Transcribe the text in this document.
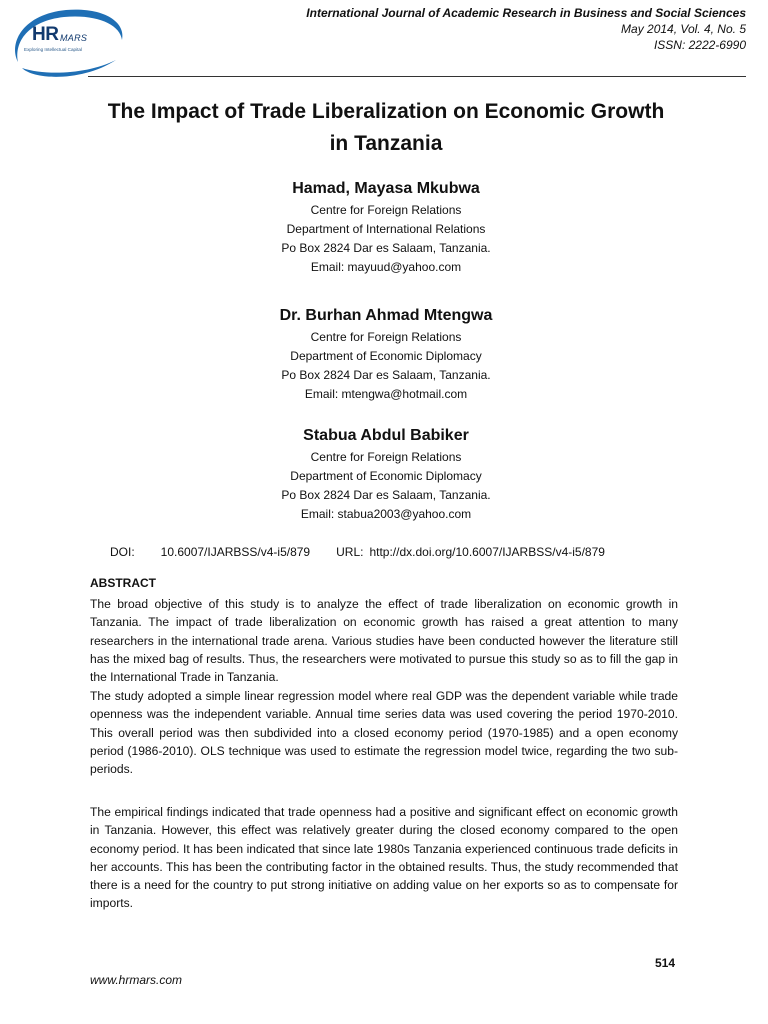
HR MARS
Exploring Intellectual Capital
International Journal of Academic Research in Business and Social Sciences
May 2014, Vol. 4, No. 5
ISSN: 2222-6990
The Impact of Trade Liberalization on Economic Growth
in Tanzania
Hamad, Mayasa Mkubwa
Centre for Foreign Relations
Department of International Relations
Po Box 2824 Dar es Salaam, Tanzania.
Email: mayuud@yahoo.com
Dr. Burhan Ahmad Mtengwa
Centre for Foreign Relations
Department of Economic Diplomacy
Po Box 2824 Dar es Salaam, Tanzania.
Email: mtengwa@hotmail.com
Stabua Abdul Babiker
Centre for Foreign Relations
Department of Economic Diplomacy
Po Box 2824 Dar es Salaam, Tanzania.
Email: stabua2003@yahoo.com
DOI: 10.6007/IJARBSS/v4-i5/879 URL: http://dx.doi.org/10.6007/IJARBSS/v4-i5/879
ABSTRACT
The broad objective of this study is to analyze the effect of trade liberalization on economic growth in Tanzania. The impact of trade liberalization on economic growth has raised a great attention to many researchers in the international trade arena. Various studies have been conducted however the literature still has the mixed bag of results. Thus, the researchers were motivated to pursue this study so as to fill the gap in the International Trade in Tanzania.
The study adopted a simple linear regression model where real GDP was the dependent variable while trade openness was the independent variable. Annual time series data was used covering the period 1970-2010. This overall period was then subdivided into a closed economy period (1970-1985) and a open economy period (1986-2010). OLS technique was used to estimate the regression model twice, regarding the two sub-periods.
The empirical findings indicated that trade openness had a positive and significant effect on economic growth in Tanzania. However, this effect was relatively greater during the closed economy compared to the open economy period. It has been indicated that since late 1980s Tanzania experienced continuous trade deficits in her accounts. This has been the contributing factor in the obtained results. Thus, the study recommended that there is a need for the country to put strong initiative on adding value on her exports so as to compensate for imports.
514
www.hrmars.com
